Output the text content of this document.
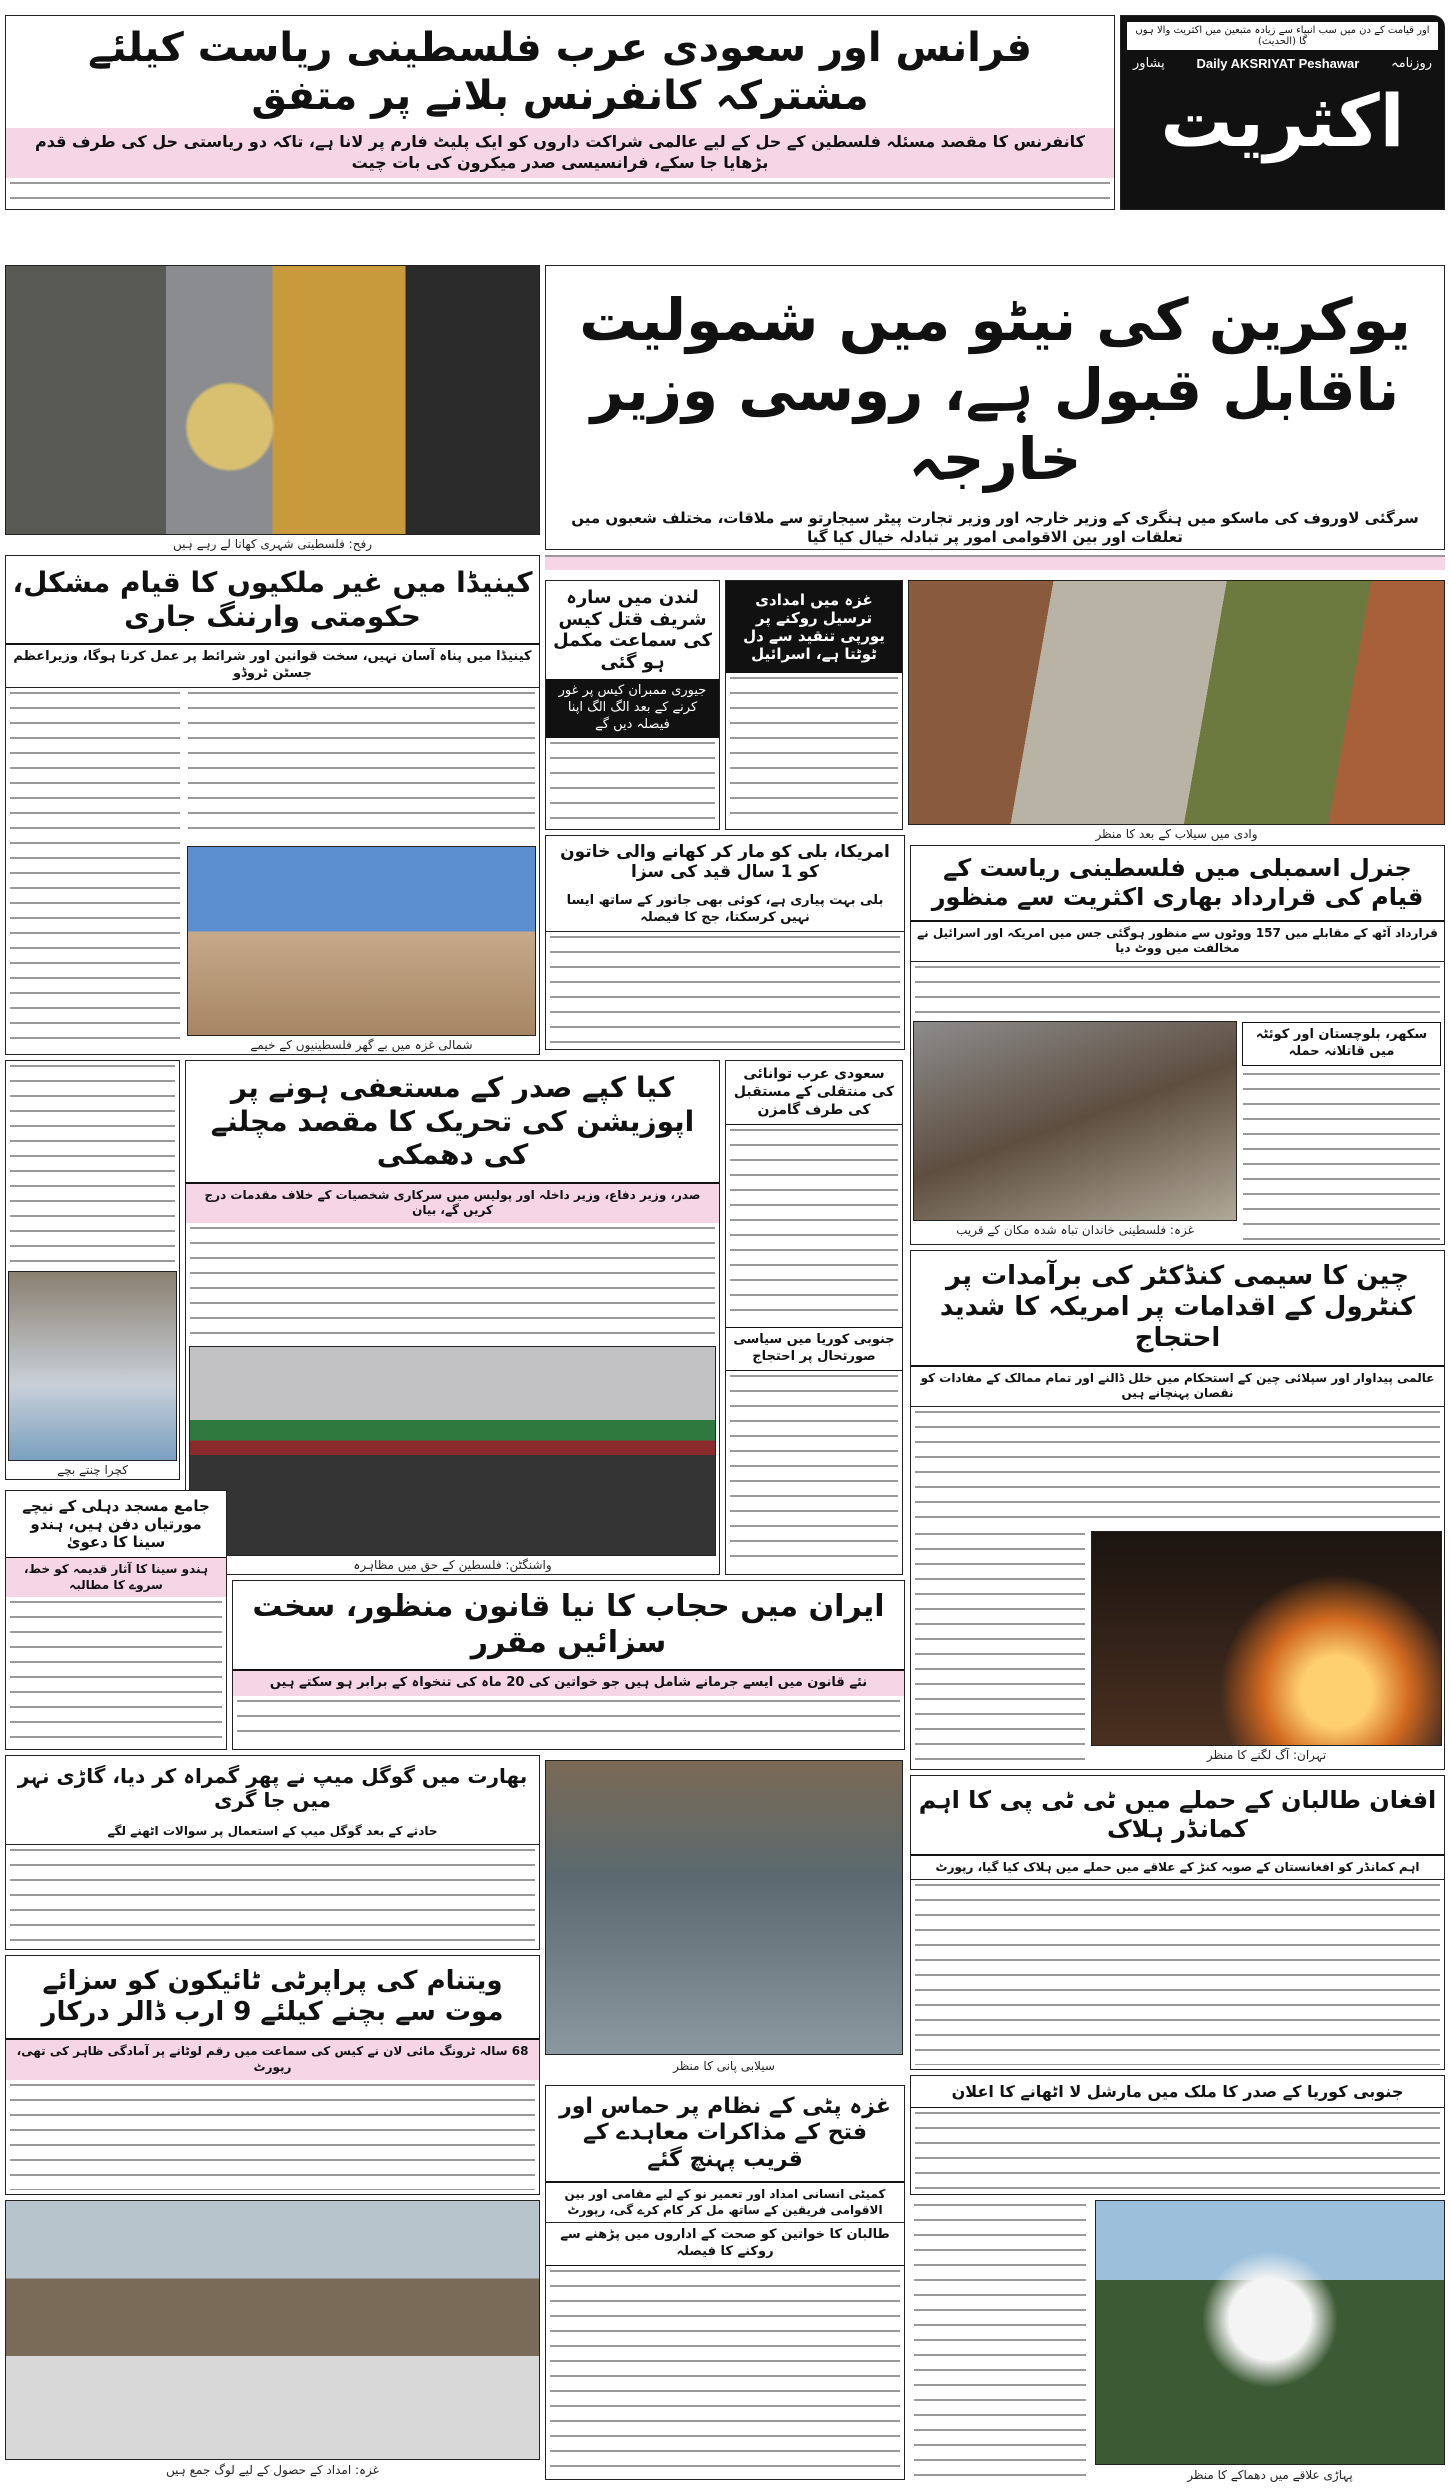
فرانس اور سعودی عرب فلسطینی ریاست کیلئے مشترکہ کانفرنس بلانے پر متفق
کانفرنس کا مقصد مسئلہ فلسطین کے حل کے لیے عالمی شراکت داروں کو ایک پلیٹ فارم پر لانا ہے، تاکہ دو ریاستی حل کی طرف قدم بڑھایا جا سکے، فرانسیسی صدر میکرون کی بات چیت
اور قیامت کے دن میں سب انبیاء سے زیادہ متبعین میں اکثریت والا ہوں گا (الحدیث)
روزنامہ
Daily AKSRIYAT Peshawar
پشاور
اکثریت
رفح: فلسطینی شہری کھانا لے رہے ہیں
یوکرین کی نیٹو میں شمولیت ناقابل قبول ہے، روسی وزیر خارجہ
سرگئی لاوروف کی ماسکو میں ہنگری کے وزیر خارجہ اور وزیر تجارت پیٹر سیجارتو سے ملاقات، مختلف شعبوں میں تعلقات اور بین الاقوامی امور پر تبادلہ خیال کیا گیا
کینیڈا میں غیر ملکیوں کا قیام مشکل، حکومتی وارننگ جاری
کینیڈا میں پناہ آسان نہیں، سخت قوانین اور شرائط پر عمل کرنا ہوگا، وزیراعظم جسٹن ٹروڈو
شمالی غزہ میں بے گھر فلسطینیوں کے خیمے
لندن میں سارہ شریف قتل کیس کی سماعت مکمل ہو گئی
جیوری ممبران کیس پر غور کرنے کے بعد الگ الگ اپنا فیصلہ دیں گے
غزہ میں امدادی ترسیل روکنے پر یورپی تنقید سے دل ٹوٹتا ہے، اسرائیل
وادی میں سیلاب کے بعد کا منظر
امریکا، بلی کو مار کر کھانے والی خاتون کو 1 سال قید کی سزا
بلی بہت پیاری ہے، کوئی بھی جانور کے ساتھ ایسا نہیں کرسکتا، جج کا فیصلہ
جنرل اسمبلی میں فلسطینی ریاست کے قیام کی قرارداد بھاری اکثریت سے منظور
قرارداد آٹھ کے مقابلے میں 157 ووٹوں سے منظور ہوگئی جس میں امریکہ اور اسرائیل نے مخالفت میں ووٹ دیا
سکھر، بلوچستان اور کوئٹہ میں قاتلانہ حملہ
غزہ: فلسطینی خاندان تباہ شدہ مکان کے قریب
کیا کپے صدر کے مستعفی ہونے پر اپوزیشن کی تحریک کا مقصد مچلنے کی دھمکی
صدر، وزیر دفاع، وزیر داخلہ اور پولیس میں سرکاری شخصیات کے خلاف مقدمات درج کریں گے، بیان
واشنگٹن: فلسطین کے حق میں مظاہرہ
سعودی عرب توانائی کی منتقلی کے مستقبل کی طرف گامزن
جنوبی کوریا میں سیاسی صورتحال پر احتجاج
کچرا چنتے بچے
چین کا سیمی کنڈکٹر کی برآمدات پر کنٹرول کے اقدامات پر امریکہ کا شدید احتجاج
عالمی پیداوار اور سپلائی چین کے استحکام میں خلل ڈالنے اور تمام ممالک کے مفادات کو نقصان پہنچانے ہیں
تہران: آگ لگنے کا منظر
جامع مسجد دہلی کے نیچے مورتیاں دفن ہیں، ہندو سینا کا دعویٰ
ہندو سینا کا آثار قدیمہ کو خط، سروے کا مطالبہ
ایران میں حجاب کا نیا قانون منظور، سخت سزائیں مقرر
نئے قانون میں ایسے جرمانے شامل ہیں جو خواتین کی 20 ماہ کی تنخواہ کے برابر ہو سکتے ہیں
سیلابی پانی کا منظر
بھارت میں گوگل میپ نے پھر گمراہ کر دیا، گاڑی نہر میں جا گری
حادثے کے بعد گوگل میپ کے استعمال پر سوالات اٹھنے لگے
افغان طالبان کے حملے میں ٹی ٹی پی کا اہم کمانڈر ہلاک
اہم کمانڈر کو افغانستان کے صوبہ کنڑ کے علاقے میں حملے میں ہلاک کیا گیا، رپورٹ
جنوبی کوریا کے صدر کا ملک میں مارشل لا اٹھانے کا اعلان
ویتنام کی پراپرٹی ٹائیکون کو سزائے موت سے بچنے کیلئے 9 ارب ڈالر درکار
68 سالہ ٹرونگ مائی لان نے کیس کی سماعت میں رقم لوٹانے پر آمادگی ظاہر کی تھی، رپورٹ
غزہ: امداد کے حصول کے لیے لوگ جمع ہیں
غزہ پٹی کے نظام پر حماس اور فتح کے مذاکرات معاہدے کے قریب پہنچ گئے
کمیٹی انسانی امداد اور تعمیر نو کے لیے مقامی اور بین الاقوامی فریقین کے ساتھ مل کر کام کرے گی، رپورٹ
طالبان کا خواتین کو صحت کے اداروں میں پڑھنے سے روکنے کا فیصلہ
پہاڑی علاقے میں دھماکے کا منظر
